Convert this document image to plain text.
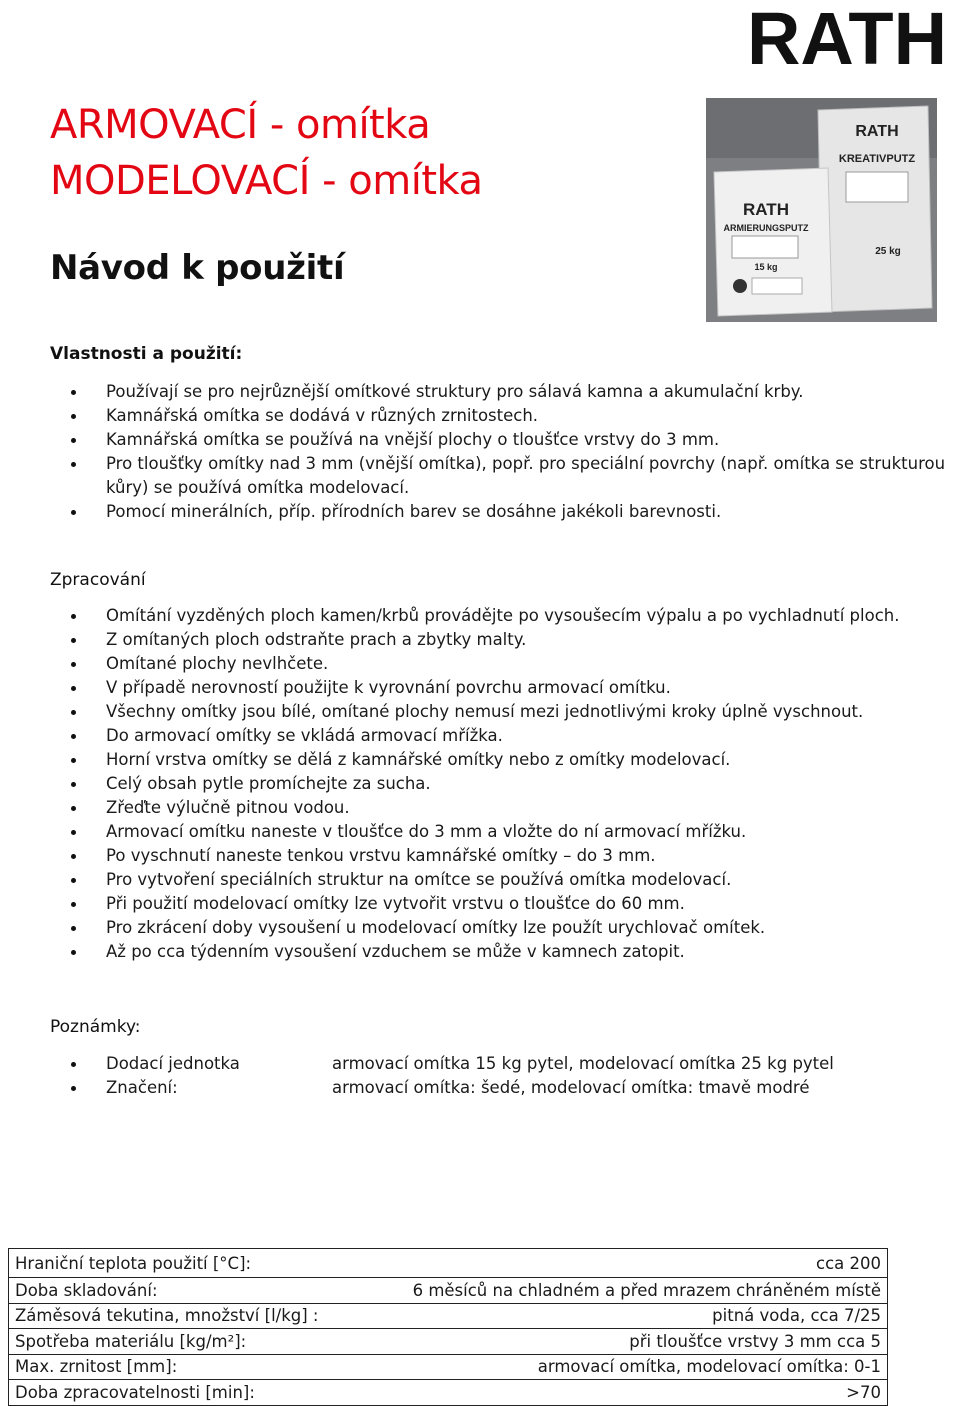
RATH
ARMOVACÍ - omítka
MODELOVACÍ - omítka
Návod k použití
RATH
KREATIVPUTZ
25 kg
RATH
ARMIERUNGSPUTZ
15 kg
Vlastnosti a použití:
Používají se pro nejrůznější omítkové struktury pro sálavá kamna a akumulační krby.
Kamnářská omítka se dodává v různých zrnitostech.
Kamnářská omítka se používá na vnější plochy o tloušťce vrstvy do 3 mm.
Pro tloušťky omítky nad 3 mm (vnější omítka), popř. pro speciální povrchy (např. omítka se strukturou kůry) se používá omítka modelovací.
Pomocí minerálních, příp. přírodních barev se dosáhne jakékoli barevnosti.
Zpracování
Omítání vyzděných ploch kamen/krbů provádějte po vysoušecím výpalu a po vychladnutí ploch.
Z omítaných ploch odstraňte prach a zbytky malty.
Omítané plochy nevlhčete.
V případě nerovností použijte k vyrovnání povrchu armovací omítku.
Všechny omítky jsou bílé, omítané plochy nemusí mezi jednotlivými kroky úplně vyschnout.
Do armovací omítky se vkládá armovací mřížka.
Horní vrstva omítky se dělá z kamnářské omítky nebo z omítky modelovací.
Celý obsah pytle promíchejte za sucha.
Zřeďte výlučně pitnou vodou.
Armovací omítku naneste v tloušťce do 3 mm a vložte do ní armovací mřížku.
Po vyschnutí naneste tenkou vrstvu kamnářské omítky – do 3 mm.
Pro vytvoření speciálních struktur na omítce se používá omítka modelovací.
Při použití modelovací omítky lze vytvořit vrstvu o tloušťce do 60 mm.
Pro zkrácení doby vysoušení u modelovací omítky lze použít urychlovač omítek.
Až po cca týdenním vysoušení vzduchem se může v kamnech zatopit.
Poznámky:
Dodací jednotka	armovací omítka 15 kg pytel, modelovací omítka 25 kg pytel
Značení:	armovací omítka: šedé, modelovací omítka: tmavě modré
Hraniční teplota použití [°C]:	cca 200
Doba skladování:	6 měsíců na chladném a před mrazem chráněném místě
Záměsová tekutina, množství [l/kg] :	pitná voda, cca 7/25
Spotřeba materiálu [kg/m²]:	při tloušťce vrstvy 3 mm cca 5
Max. zrnitost [mm]:	armovací omítka, modelovací omítka: 0-1
Doba zpracovatelnosti [min]:	>70
